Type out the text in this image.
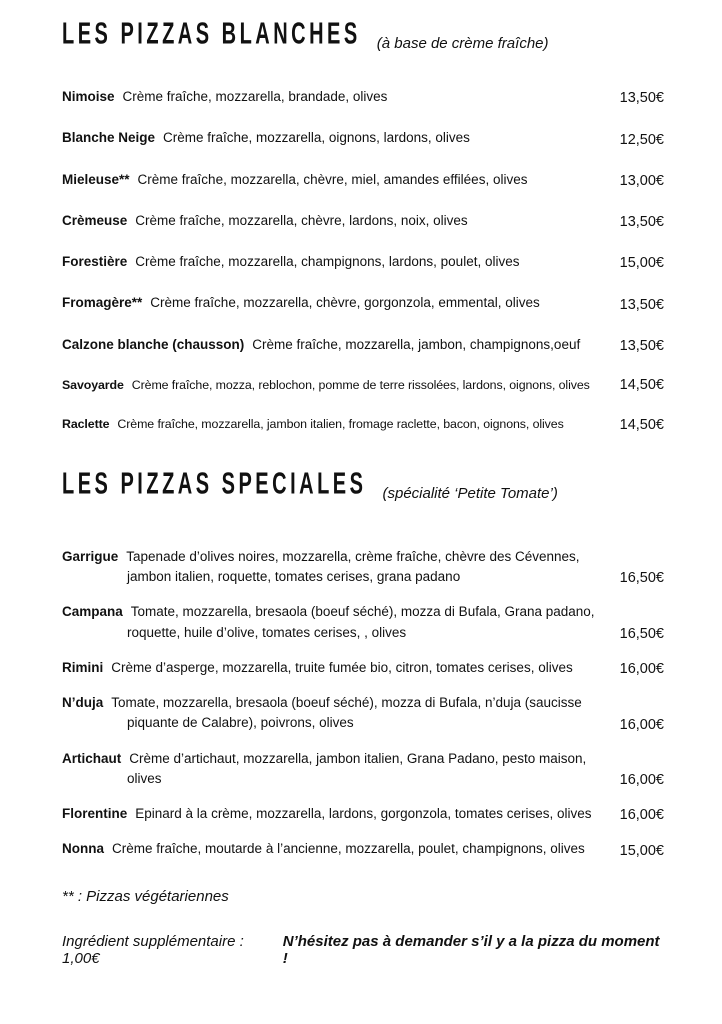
LES PIZZAS BLANCHES (à base de crème fraîche)

Nimoise Crème fraîche, mozzarella, brandade, olives	13,50€

Blanche Neige Crème fraîche, mozzarella, oignons, lardons, olives	12,50€

Mieleuse** Crème fraîche, mozzarella, chèvre, miel, amandes effilées, olives	13,00€

Crèmeuse Crème fraîche, mozzarella, chèvre, lardons, noix, olives	13,50€

Forestière Crème fraîche, mozzarella, champignons, lardons, poulet, olives	15,00€

Fromagère** Crème fraîche, mozzarella, chèvre, gorgonzola, emmental, olives	13,50€

Calzone blanche (chausson) Crème fraîche, mozzarella, jambon, champignons,oeuf	13,50€

Savoyarde Crème fraîche, mozza, reblochon, pomme de terre rissolées, lardons, oignons, olives	14,50€

Raclette Crème fraîche, mozzarella, jambon italien, fromage raclette, bacon, oignons, olives	14,50€
LES PIZZAS SPECIALES (spécialité ‘Petite Tomate’)

Garrigue Tapenade d’olives noires, mozzarella, crème fraîche, chèvre des Cévennes, jambon italien, roquette, tomates cerises, grana padano	16,50€

Campana Tomate, mozzarella, bresaola (boeuf séché), mozza di Bufala, Grana padano, roquette, huile d’olive, tomates cerises, , olives	16,50€

Rimini Crème d’asperge, mozzarella, truite fumée bio, citron, tomates cerises, olives	16,00€

N’duja Tomate, mozzarella, bresaola (boeuf séché), mozza di Bufala, n’duja (saucisse piquante de Calabre), poivrons, olives	16,00€

Artichaut Crème d’artichaut, mozzarella, jambon italien, Grana Padano, pesto maison, olives	16,00€

Florentine Epinard à la crème, mozzarella, lardons, gorgonzola, tomates cerises, olives	16,00€

Nonna Crème fraîche, moutarde à l’ancienne, mozzarella, poulet, champignons, olives	15,00€

** : Pizzas végétariennes

Ingrédient supplémentaire : 1,00€
N’hésitez pas à demander s’il y a la pizza du moment !
